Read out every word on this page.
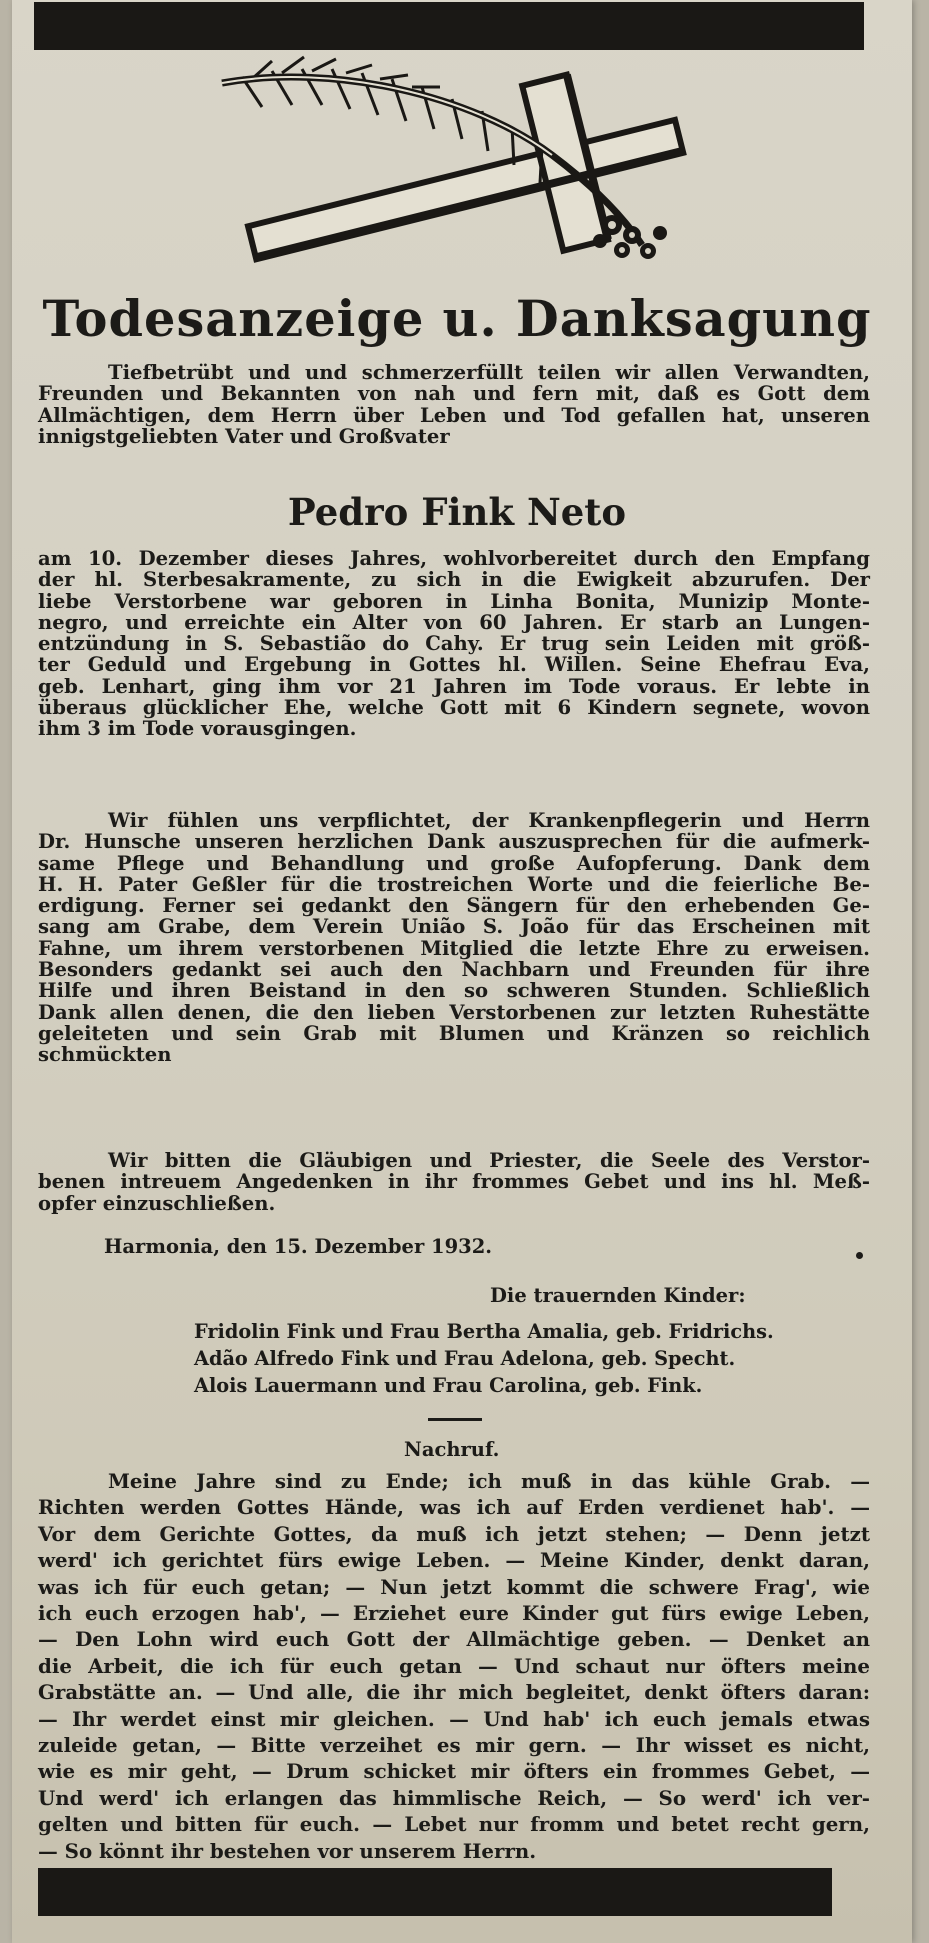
Todesanzeige u. Danksagung
Tiefbetrübt und und schmerzerfüllt teilen wir allen Verwandten,
Freunden und Bekannten von nah und fern mit, daß es Gott dem
Allmächtigen, dem Herrn über Leben und Tod gefallen hat, unseren
innigstgeliebten Vater und Großvater
Pedro Fink Neto
am 10. Dezember dieses Jahres, wohlvorbereitet durch den Empfang
der hl. Sterbesakramente, zu sich in die Ewigkeit abzurufen. Der
liebe Verstorbene war geboren in Linha Bonita, Munizip Monte-
negro, und erreichte ein Alter von 60 Jahren. Er starb an Lungen-
entzündung in S. Sebastião do Cahy. Er trug sein Leiden mit größ-
ter Geduld und Ergebung in Gottes hl. Willen. Seine Ehefrau Eva,
geb. Lenhart, ging ihm vor 21 Jahren im Tode voraus. Er lebte in
überaus glücklicher Ehe, welche Gott mit 6 Kindern segnete, wovon
ihm 3 im Tode vorausgingen.
Wir fühlen uns verpflichtet, der Krankenpflegerin und Herrn
Dr. Hunsche unseren herzlichen Dank auszusprechen für die aufmerk-
same Pflege und Behandlung und große Aufopferung. Dank dem
H. H. Pater Geßler für die trostreichen Worte und die feierliche Be-
erdigung. Ferner sei gedankt den Sängern für den erhebenden Ge-
sang am Grabe, dem Verein União S. João für das Erscheinen mit
Fahne, um ihrem verstorbenen Mitglied die letzte Ehre zu erweisen.
Besonders gedankt sei auch den Nachbarn und Freunden für ihre
Hilfe und ihren Beistand in den so schweren Stunden. Schließlich
Dank allen denen, die den lieben Verstorbenen zur letzten Ruhestätte
geleiteten und sein Grab mit Blumen und Kränzen so reichlich
schmückten
Wir bitten die Gläubigen und Priester, die Seele des Verstor-
benen intreuem Angedenken in ihr frommes Gebet und ins hl. Meß-
opfer einzuschließen.
Harmonia, den 15. Dezember 1932.
Die trauernden Kinder:
Fridolin Fink und Frau Bertha Amalia, geb. Fridrichs.
Adão Alfredo Fink und Frau Adelona, geb. Specht.
Alois Lauermann und Frau Carolina, geb. Fink.
Nachruf.
Meine Jahre sind zu Ende; ich muß in das kühle Grab. —
Richten werden Gottes Hände, was ich auf Erden verdienet hab'. —
Vor dem Gerichte Gottes, da muß ich jetzt stehen; — Denn jetzt
werd' ich gerichtet fürs ewige Leben. — Meine Kinder, denkt daran,
was ich für euch getan; — Nun jetzt kommt die schwere Frag', wie
ich euch erzogen hab', — Erziehet eure Kinder gut fürs ewige Leben,
— Den Lohn wird euch Gott der Allmächtige geben. — Denket an
die Arbeit, die ich für euch getan — Und schaut nur öfters meine
Grabstätte an. — Und alle, die ihr mich begleitet, denkt öfters daran:
— Ihr werdet einst mir gleichen. — Und hab' ich euch jemals etwas
zuleide getan, — Bitte verzeihet es mir gern. — Ihr wisset es nicht,
wie es mir geht, — Drum schicket mir öfters ein frommes Gebet, —
Und werd' ich erlangen das himmlische Reich, — So werd' ich ver-
gelten und bitten für euch. — Lebet nur fromm und betet recht gern,
— So könnt ihr bestehen vor unserem Herrn.
